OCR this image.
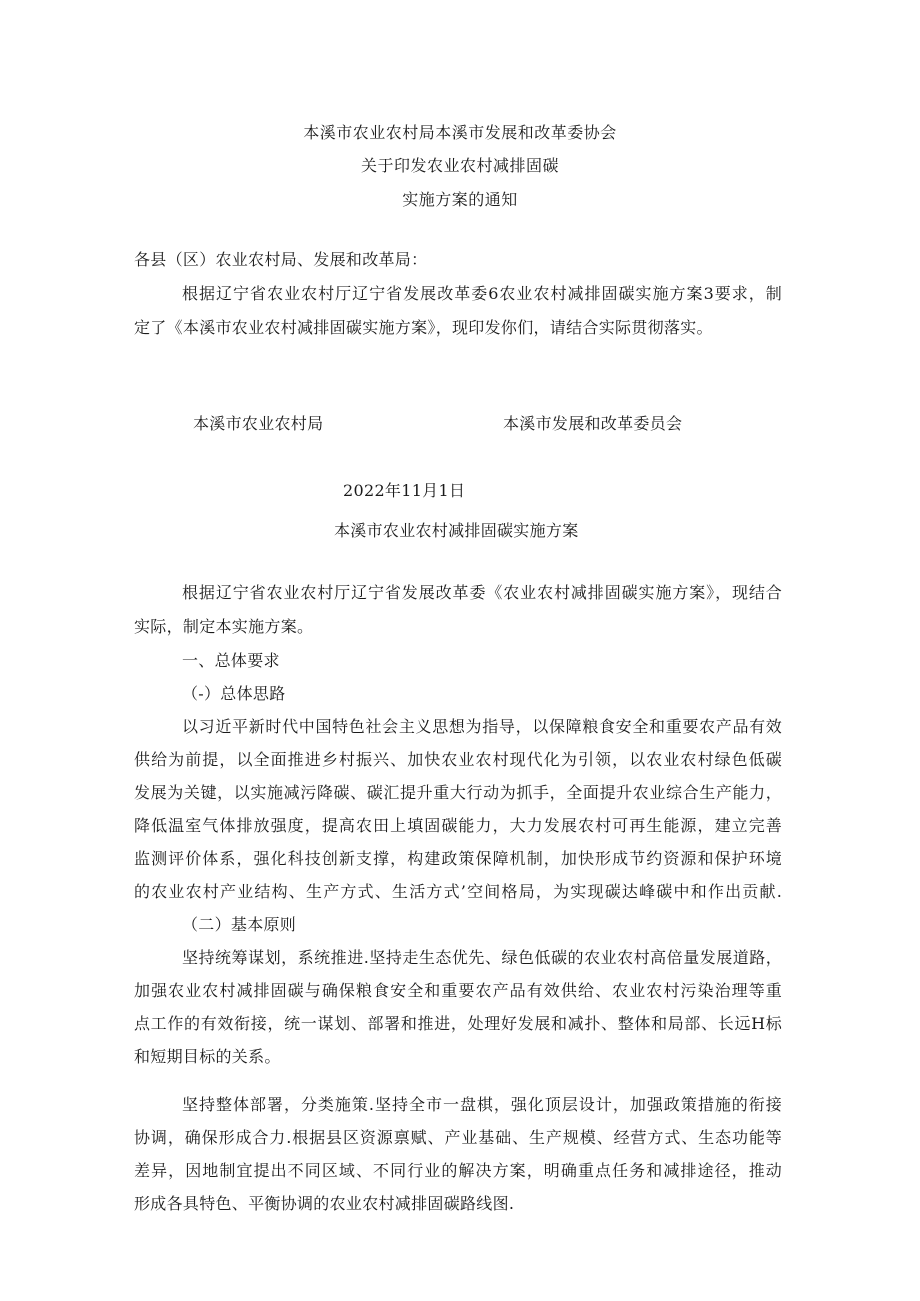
本溪市农业农村局本溪市发展和改革委协会
关于印发农业农村减排固碳
实施方案的通知
各县（区）农业农村局、发展和改革局：
根据辽宁省农业农村厅辽宁省发展改革委6农业农村减排固碳实施方案3要求，制
定了《本溪市农业农村减排固碳实施方案》，现印发你们，请结合实际贯彻落实。
本溪市农业农村局	本溪市发展和改革委员会
2022年11月1日
本溪市农业农村减排固碳实施方案
根据辽宁省农业农村厅辽宁省发展改革委《农业农村减排固碳实施方案》，现结合
实际，制定本实施方案。
一、总体要求
（-）总体思路
以习近平新时代中国特色社会主义思想为指导，以保障粮食安全和重要农产品有效
供给为前提，以全面推进乡村振兴、加快农业农村现代化为引领，以农业农村绿色低碳
发展为关键，以实施减污降碳、碳汇提升重大行动为抓手，全面提升农业综合生产能力，
降低温室气体排放强度，提高农田上填固碳能力，大力发展农村可再生能源，建立完善
监测评价体系，强化科技创新支撑，构建政策保障机制，加快形成节约资源和保护环境
的农业农村产业结构、生产方式、生活方式’空间格局，为实现碳达峰碳中和作出贡献.
（二）基本原则
坚持统筹谋划，系统推进.坚持走生态优先、绿色低碳的农业农村高倍量发展道路，
加强农业农村减排固碳与确保粮食安全和重要农产品有效供给、农业农村污染治理等重
点工作的有效衔接，统一谋划、部署和推进，处理好发展和减扑、整体和局部、长远H标
和短期目标的关系。
坚持整体部署，分类施策.坚持全市一盘棋，强化顶层设计，加强政策措施的衔接
协调，确保形成合力.根据县区资源禀赋、产业基础、生产规模、经营方式、生态功能等
差异，因地制宜提出不同区域、不同行业的解决方案，明确重点任务和减排途径，推动
形成各具特色、平衡协调的农业农村减排固碳路线图.
